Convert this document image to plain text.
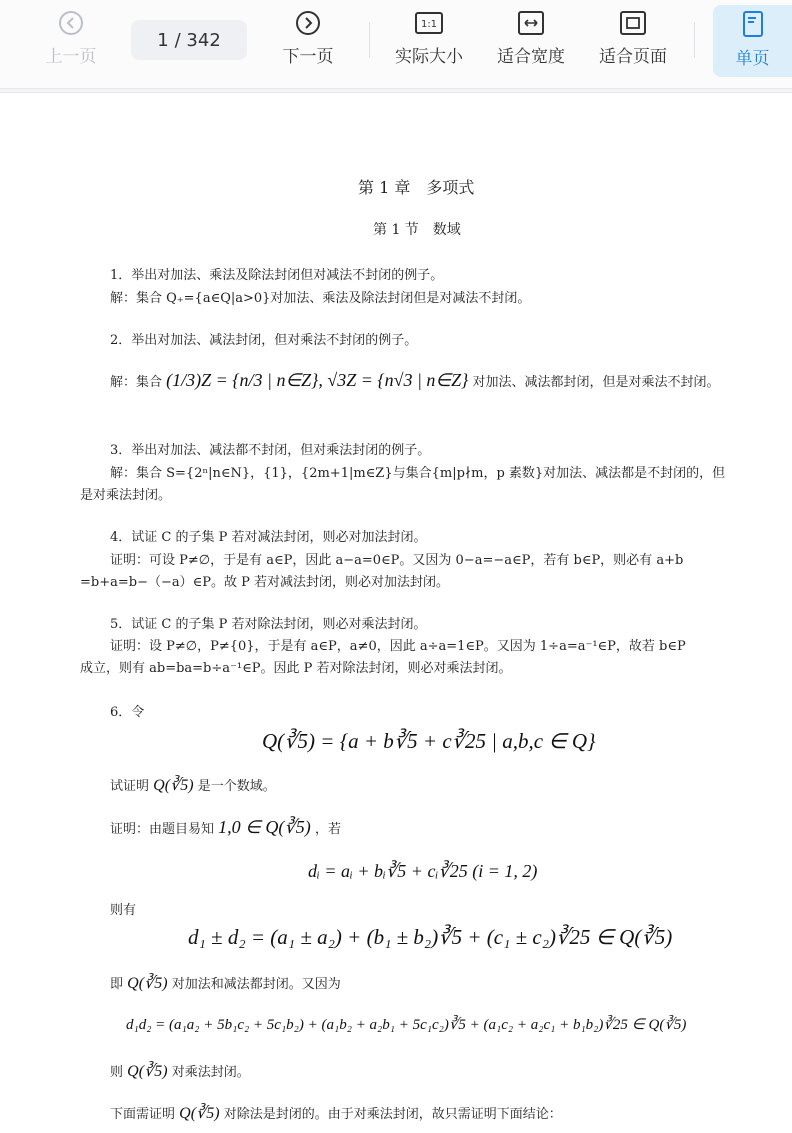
上一页
1 / 342
下一页
1:1
实际大小 适合宽度 适合页面	单页
第 1 章　多项式
第 1 节　数域
1．举出对加法、乘法及除法封闭但对减法不封闭的例子。
解：集合 Q₊={a∈Q|a>0}对加法、乘法及除法封闭但是对减法不封闭。
2．举出对加法、减法封闭，但对乘法不封闭的例子。
解：集合 (1/3)Z = {n/3 | n∈Z}, √3Z = {n√3 | n∈Z} 对加法、减法都封闭，但是对乘法不封闭。
3．举出对加法、减法都不封闭，但对乘法封闭的例子。
解：集合 S={2ⁿ|n∈N}，{1}，{2m+1|m∈Z}与集合{m|p∤m，p 素数}对加法、减法都是不封闭的，但
是对乘法封闭。
4．试证 C 的子集 P 若对减法封闭，则必对加法封闭。
证明：可设 P≠∅，于是有 a∈P，因此 a−a=0∈P。又因为 0−a=−a∈P，若有 b∈P，则必有 a+b
=b+a=b−（−a）∈P。故 P 若对减法封闭，则必对加法封闭。
5．试证 C 的子集 P 若对除法封闭，则必对乘法封闭。
证明：设 P≠∅，P≠{0}，于是有 a∈P，a≠0，因此 a÷a=1∈P。又因为 1÷a=a⁻¹∈P，故若 b∈P
成立，则有 ab=ba=b÷a⁻¹∈P。因此 P 若对除法封闭，则必对乘法封闭。
6．令
Q(∛5) = {a + b∛5 + c∛25 | a,b,c ∈ Q}
试证明 Q(∛5) 是一个数域。
证明：由题目易知 1,0 ∈ Q(∛5) ，若
dᵢ = aᵢ + bᵢ∛5 + cᵢ∛25 (i = 1, 2)
则有
d₁ ± d₂ = (a₁ ± a₂) + (b₁ ± b₂)∛5 + (c₁ ± c₂)∛25 ∈ Q(∛5)
即 Q(∛5) 对加法和减法都封闭。又因为
d₁d₂ = (a₁a₂ + 5b₁c₂ + 5c₁b₂) + (a₁b₂ + a₂b₁ + 5c₁c₂)∛5 + (a₁c₂ + a₂c₁ + b₁b₂)∛25 ∈ Q(∛5)
则 Q(∛5) 对乘法封闭。
下面需证明 Q(∛5) 对除法是封闭的。由于对乘法封闭，故只需证明下面结论：
